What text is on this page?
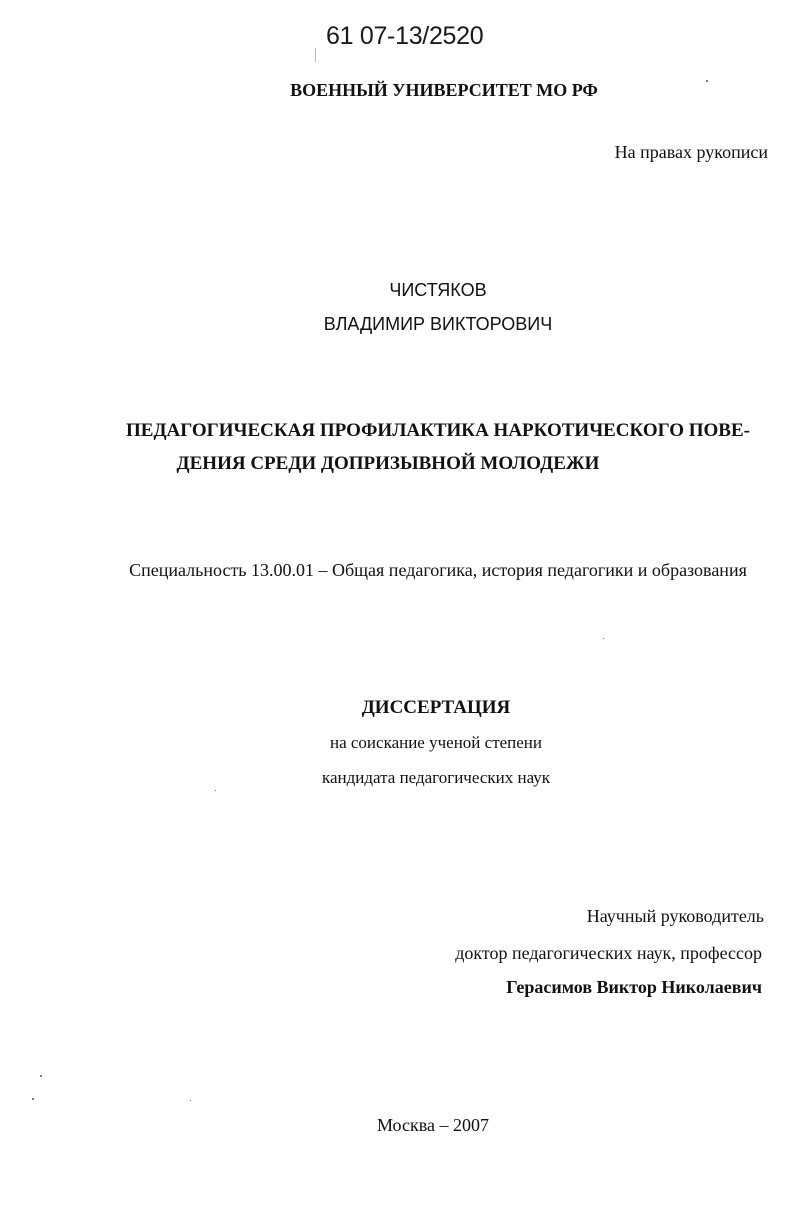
61 07-13/2520
ВОЕННЫЙ УНИВЕРСИТЕТ МО РФ
На правах рукописи
ЧИСТЯКОВ
ВЛАДИМИР ВИКТОРОВИЧ
ПЕДАГОГИЧЕСКАЯ ПРОФИЛАКТИКА НАРКОТИЧЕСКОГО ПОВЕ-
ДЕНИЯ СРЕДИ ДОПРИЗЫВНОЙ МОЛОДЕЖИ
Специальность 13.00.01 – Общая педагогика, история педагогики и образования
ДИССЕРТАЦИЯ
на соискание ученой степени
кандидата педагогических наук
Научный руководитель
доктор педагогических наук, профессор
Герасимов Виктор Николаевич
Москва – 2007
